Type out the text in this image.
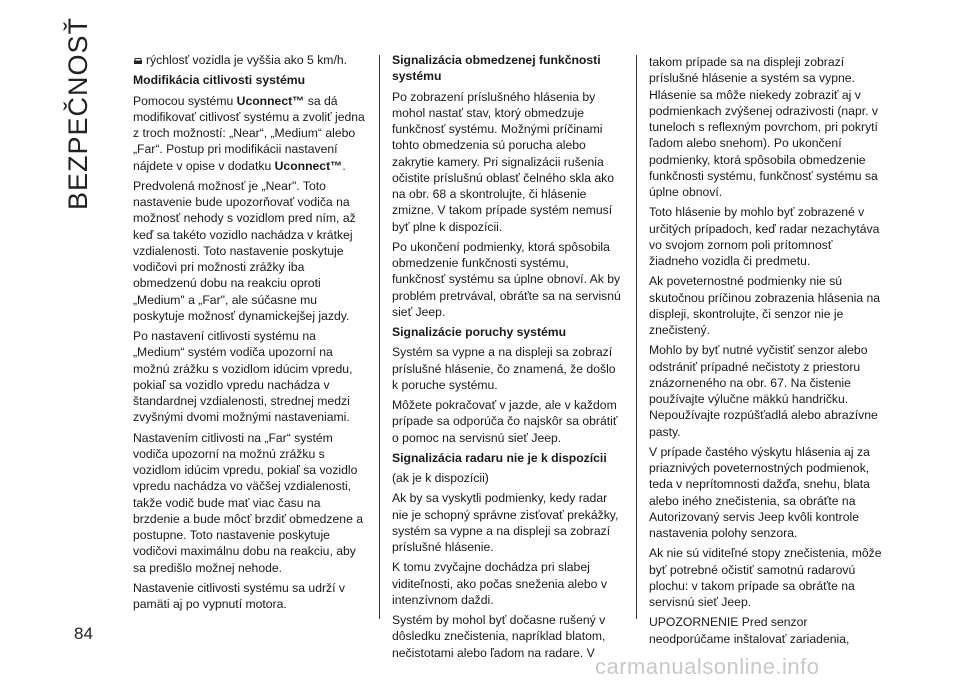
BEZPEČNOSŤ	rýchlosť vozidla je vyššia ako 5 km/h.

Modifikácia citlivosti systému

Pomocou systému Uconnect™ sa dá modifikovať citlivosť systému a zvoliť jedna z troch možností: „Near“, „Medium“ alebo „Far“. Postup pri modifikácii nastavení nájdete v opise v dodatku Uconnect™.

Predvolená možnosť je „Near". Toto nastavenie bude upozorňovať vodiča na možnosť nehody s vozidlom pred ním, až keď sa takéto vozidlo nachádza v krátkej vzdialenosti. Toto nastavenie poskytuje vodičovi pri možnosti zrážky iba obmedzenú dobu na reakciu oproti „Medium" a „Far", ale súčasne mu poskytuje možnosť dynamickejšej jazdy.

Po nastavení citlivosti systému na „Medium“ systém vodiča upozorní na možnú zrážku s vozidlom idúcim vpredu, pokiaľ sa vozidlo vpredu nachádza v štandardnej vzdialenosti, strednej medzi zvyšnými dvomi možnými nastaveniami.

Nastavením citlivosti na „Far“ systém vodiča upozorní na možnú zrážku s vozidlom idúcim vpredu, pokiaľ sa vozidlo vpredu nachádza vo väčšej vzdialenosti, takže vodič bude mať viac času na brzdenie a bude môcť brzdiť obmedzene a postupne. Toto nastavenie poskytuje vodičovi maximálnu dobu na reakciu, aby sa predišlo možnej nehode.

Nastavenie citlivosti systému sa udrží v pamäti aj po vypnutí motora.

Signalizácia obmedzenej funkčnosti systému

Po zobrazení príslušného hlásenia by mohol nastať stav, ktorý obmedzuje funkčnosť systému. Možnými príčinami tohto obmedzenia sú porucha alebo zakrytie kamery. Pri signalizácii rušenia očistite príslušnú oblasť čelného skla ako na obr. 68 a skontrolujte, či hlásenie zmizne. V takom prípade systém nemusí byť plne k dispozícii.

Po ukončení podmienky, ktorá spôsobila obmedzenie funkčnosti systému, funkčnosť systému sa úplne obnoví. Ak by problém pretrvával, obráťte sa na servisnú sieť Jeep.

Signalizácie poruchy systému

Systém sa vypne a na displeji sa zobrazí príslušné hlásenie, čo znamená, že došlo k poruche systému.

Môžete pokračovať v jazde, ale v každom prípade sa odporúča čo najskôr sa obrátiť o pomoc na servisnú sieť Jeep.

Signalizácia radaru nie je k dispozícii

(ak je k dispozícii)

Ak by sa vyskytli podmienky, kedy radar nie je schopný správne zisťovať prekážky, systém sa vypne a na displeji sa zobrazí príslušné hlásenie.

K tomu zvyčajne dochádza pri slabej viditeľnosti, ako počas sneženia alebo v intenzívnom daždi.

Systém by mohol byť dočasne rušený v dôsledku znečistenia, napríklad blatom, nečistotami alebo ľadom na radare. V

takom prípade sa na displeji zobrazí príslušné hlásenie a systém sa vypne. Hlásenie sa môže niekedy zobraziť aj v podmienkach zvýšenej odrazivosti (napr. v tuneloch s reflexným povrchom, pri pokrytí ľadom alebo snehom). Po ukončení podmienky, ktorá spôsobila obmedzenie funkčnosti systému, funkčnosť systému sa úplne obnoví.

Toto hlásenie by mohlo byť zobrazené v určitých prípadoch, keď radar nezachytáva vo svojom zornom poli prítomnosť žiadneho vozidla či predmetu.

Ak poveternostné podmienky nie sú skutočnou príčinou zobrazenia hlásenia na displeji, skontrolujte, či senzor nie je znečistený.

Mohlo by byť nutné vyčistiť senzor alebo odstrániť prípadné nečistoty z priestoru znázorneného na obr. 67. Na čistenie používajte výlučne mäkkú handričku. Nepoužívajte rozpúšťadlá alebo abrazívne pasty.

V prípade častého výskytu hlásenia aj za priaznivých poveternostných podmienok, teda v neprítomnosti dažďa, snehu, blata alebo iného znečistenia, sa obráťte na Autorizovaný servis Jeep kvôli kontrole nastavenia polohy senzora.

Ak nie sú viditeľné stopy znečistenia, môže byť potrebné očistiť samotnú radarovú plochu: v takom prípade sa obráťte na servisnú sieť Jeep.

UPOZORNENIE Pred senzor neodporúčame inštalovať zariadenia,

84
carmanualsonline.info
